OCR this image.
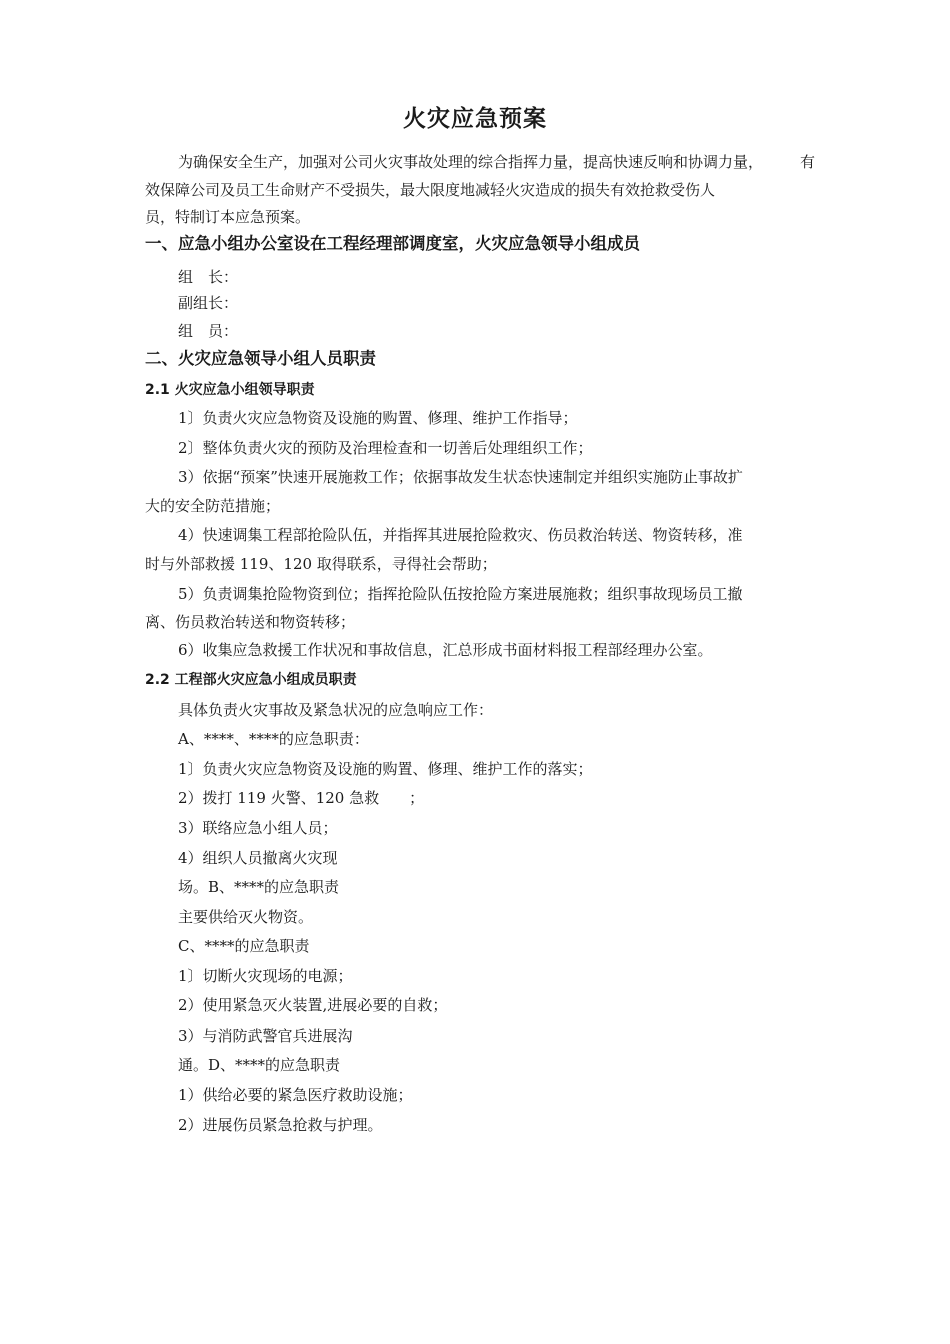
火灾应急预案
为确保安全生产，加强对公司火灾事故处理的综合指挥力量，提高快速反响和协调力量， 有
效保障公司及员工生命财产不受损失，最大限度地减轻火灾造成的损失有效抢救受伤人
员，特制订本应急预案。
一、应急小组办公室设在工程经理部调度室，火灾应急领导小组成员
组　长：
副组长：
组　员：
二、火灾应急领导小组人员职责
2.1 火灾应急小组领导职责
1〕负责火灾应急物资及设施的购置、修理、维护工作指导；
2〕整体负责火灾的预防及治理检查和一切善后处理组织工作；
3）依据“预案”快速开展施救工作；依据事故发生状态快速制定并组织实施防止事故扩
大的安全防范措施；
4）快速调集工程部抢险队伍，并指挥其进展抢险救灾、伤员救治转送、物资转移，准
时与外部救援 119、120 取得联系，寻得社会帮助；
5）负责调集抢险物资到位；指挥抢险队伍按抢险方案进展施救；组织事故现场员工撤
离、伤员救治转送和物资转移；
6）收集应急救援工作状况和事故信息，汇总形成书面材料报工程部经理办公室。
2.2 工程部火灾应急小组成员职责
具体负责火灾事故及紧急状况的应急响应工作：
A、****、****的应急职责：
1〕负责火灾应急物资及设施的购置、修理、维护工作的落实；
2）拨打 119 火警、120 急救　　；
3）联络应急小组人员；
4）组织人员撤离火灾现
场。B、****的应急职责
主要供给灭火物资。
C、****的应急职责
1〕切断火灾现场的电源；
2）使用紧急灭火装置,进展必要的自救；
3）与消防武警官兵进展沟
通。D、****的应急职责
1）供给必要的紧急医疗救助设施；
2）进展伤员紧急抢救与护理。
